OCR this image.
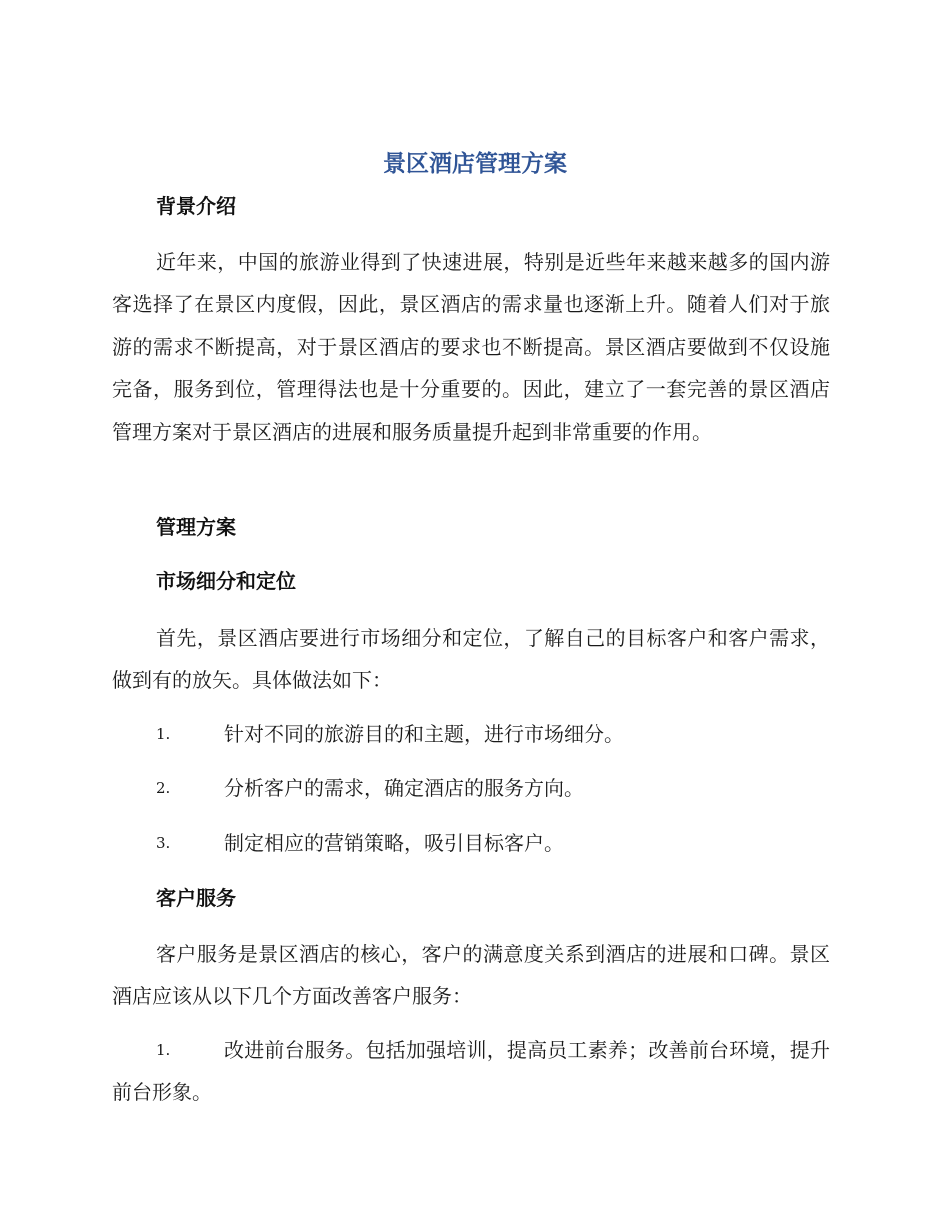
景区酒店管理方案
背景介绍

近年来，中国的旅游业得到了快速进展，特别是近些年来越来越多的国内游客选择了在景区内度假，因此，景区酒店的需求量也逐渐上升。随着人们对于旅游的需求不断提高，对于景区酒店的要求也不断提高。景区酒店要做到不仅设施完备，服务到位，管理得法也是十分重要的。因此，建立了一套完善的景区酒店管理方案对于景区酒店的进展和服务质量提升起到非常重要的作用。

管理方案
市场细分和定位

首先，景区酒店要进行市场细分和定位，了解自己的目标客户和客户需求，做到有的放矢。具体做法如下：

1.	针对不同的旅游目的和主题，进行市场细分。
2.	分析客户的需求，确定酒店的服务方向。
3.	制定相应的营销策略，吸引目标客户。
客户服务

客户服务是景区酒店的核心，客户的满意度关系到酒店的进展和口碑。景区酒店应该从以下几个方面改善客户服务：

1.	改进前台服务。包括加强培训，提高员工素养；改善前台环境，提升前台形象。
